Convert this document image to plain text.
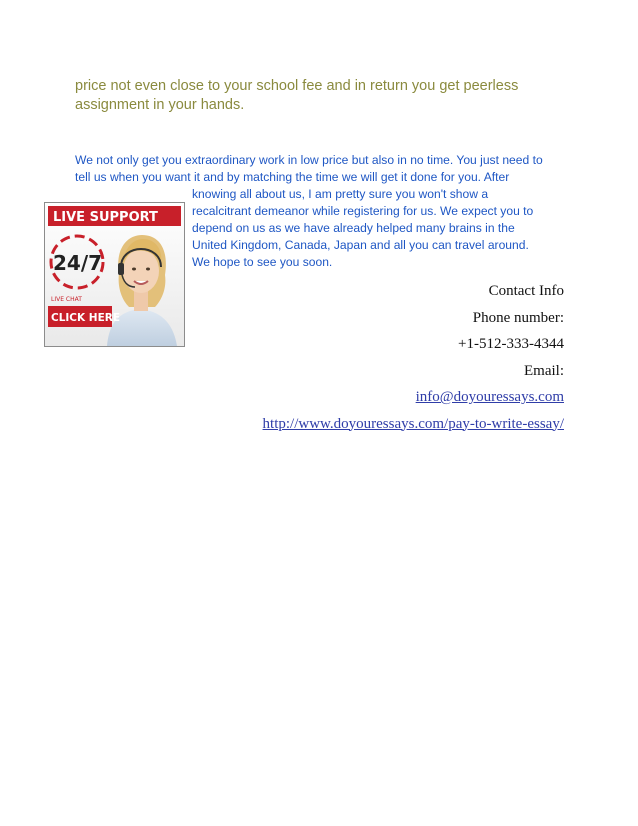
price not even close to your school fee and in return you get peerless
assignment in your hands.

We not only get you extraordinary work in low price but also in no time. You just need to
tell us when you want it and by matching the time we will get it done for you. After

knowing all about us, I am pretty sure you won't show a
recalcitrant demeanor while registering for us. We expect you to
depend on us as we have already helped many brains in the
United Kingdom, Canada, Japan and all you can travel around.
We hope to see you soon.

LIVE SUPPORT
24/7
LIVE CHAT
CLICK HERE
Contact Info
Phone number:
+1-512-333-4344
Email:
info@doyouressays.com
http://www.doyouressays.com/pay-to-write-essay/
